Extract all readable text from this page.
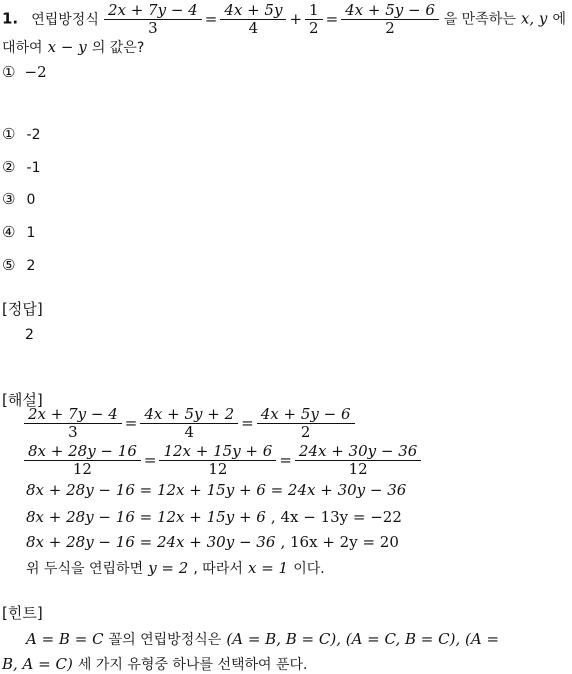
1. 연립방정식 $\frac{2x + 7y - 4}{3} = \frac{4x + 5y}{4} + \frac{1}{2} = \frac{4x + 5y - 6}{2}$ 을 만족하는 x, y 에
대하여 x − y 의 값은?
① −2
① -2
② -1
③ 0
④ 1
⑤ 2
[정답]
2
[해설]
$\frac{2x + 7y - 4}{3} = \frac{4x + 5y + 2}{4} = \frac{4x + 5y - 6}{2}$
$\frac{8x + 28y - 16}{12} = \frac{12x + 15y + 6}{12} = \frac{24x + 30y - 36}{12}$
8x + 28y − 16 = 12x + 15y + 6 = 24x + 30y − 36
8x + 28y − 16 = 12x + 15y + 6 , 4x − 13y = −22
8x + 28y − 16 = 24x + 30y − 36 , 16x + 2y = 20
위 두식을 연립하면 y = 2 , 따라서 x = 1 이다.
[힌트]
A = B = C 꼴의 연립방정식은 (A = B, B = C), (A = C, B = C), (A =
B, A = C) 세 가지 유형중 하나를 선택하여 푼다.
